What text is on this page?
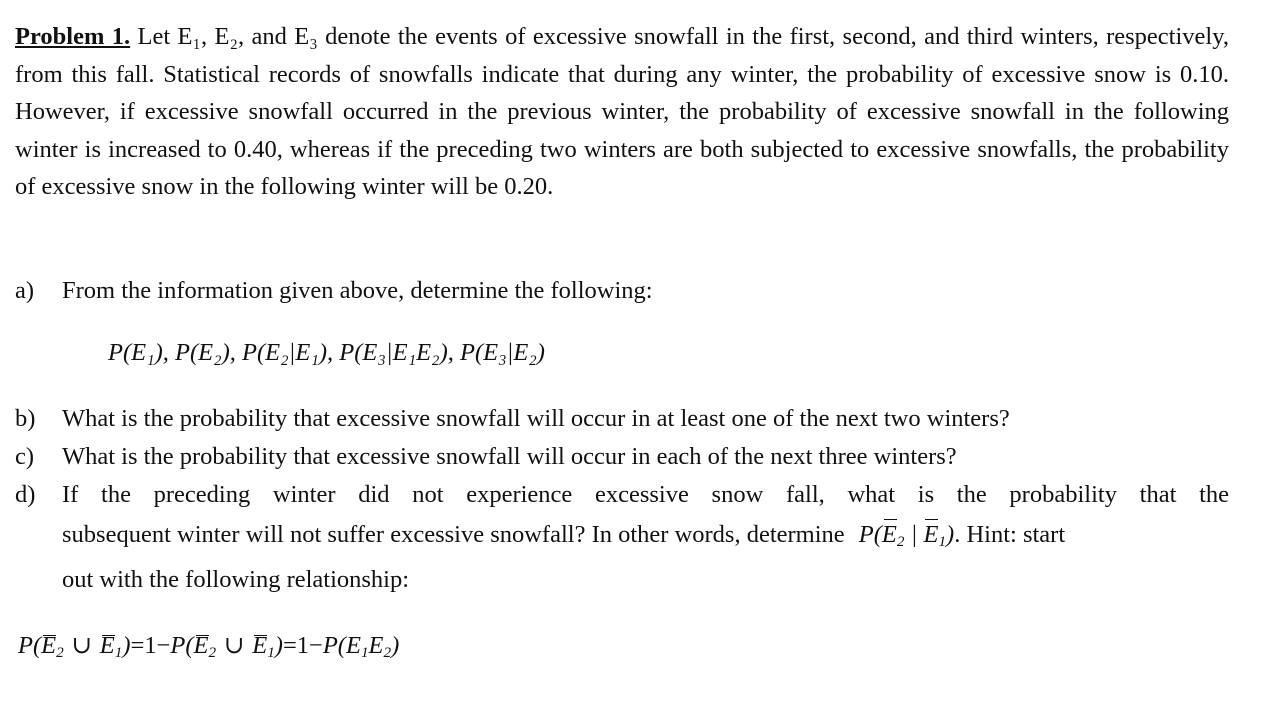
Problem 1. Let E₁, E₂, and E₃ denote the events of excessive snowfall in the first, second, and third winters, respectively, from this fall. Statistical records of snowfalls indicate that during any winter, the probability of excessive snow is 0.10. However, if excessive snowfall occurred in the previous winter, the probability of excessive snowfall in the following winter is increased to 0.40, whereas if the preceding two winters are both subjected to excessive snowfalls, the probability of excessive snow in the following winter will be 0.20.
a) From the information given above, determine the following:
P(E₁), P(E₂), P(E₂|E₁), P(E₃|E₁E₂), P(E₃|E₂)
b) What is the probability that excessive snowfall will occur in at least one of the next two winters?
c) What is the probability that excessive snowfall will occur in each of the next three winters?
d) If the preceding winter did not experience excessive snow fall, what is the probability that the
subsequent winter will not suffer excessive snowfall? In other words, determine $P(E_2$ | $E_1$). Hint: start
out with the following relationship:
$P(E_2$ ∪ $E_1)=1-P(E_2$ ∪ $E_1)=1-P(E_1E_2)$
